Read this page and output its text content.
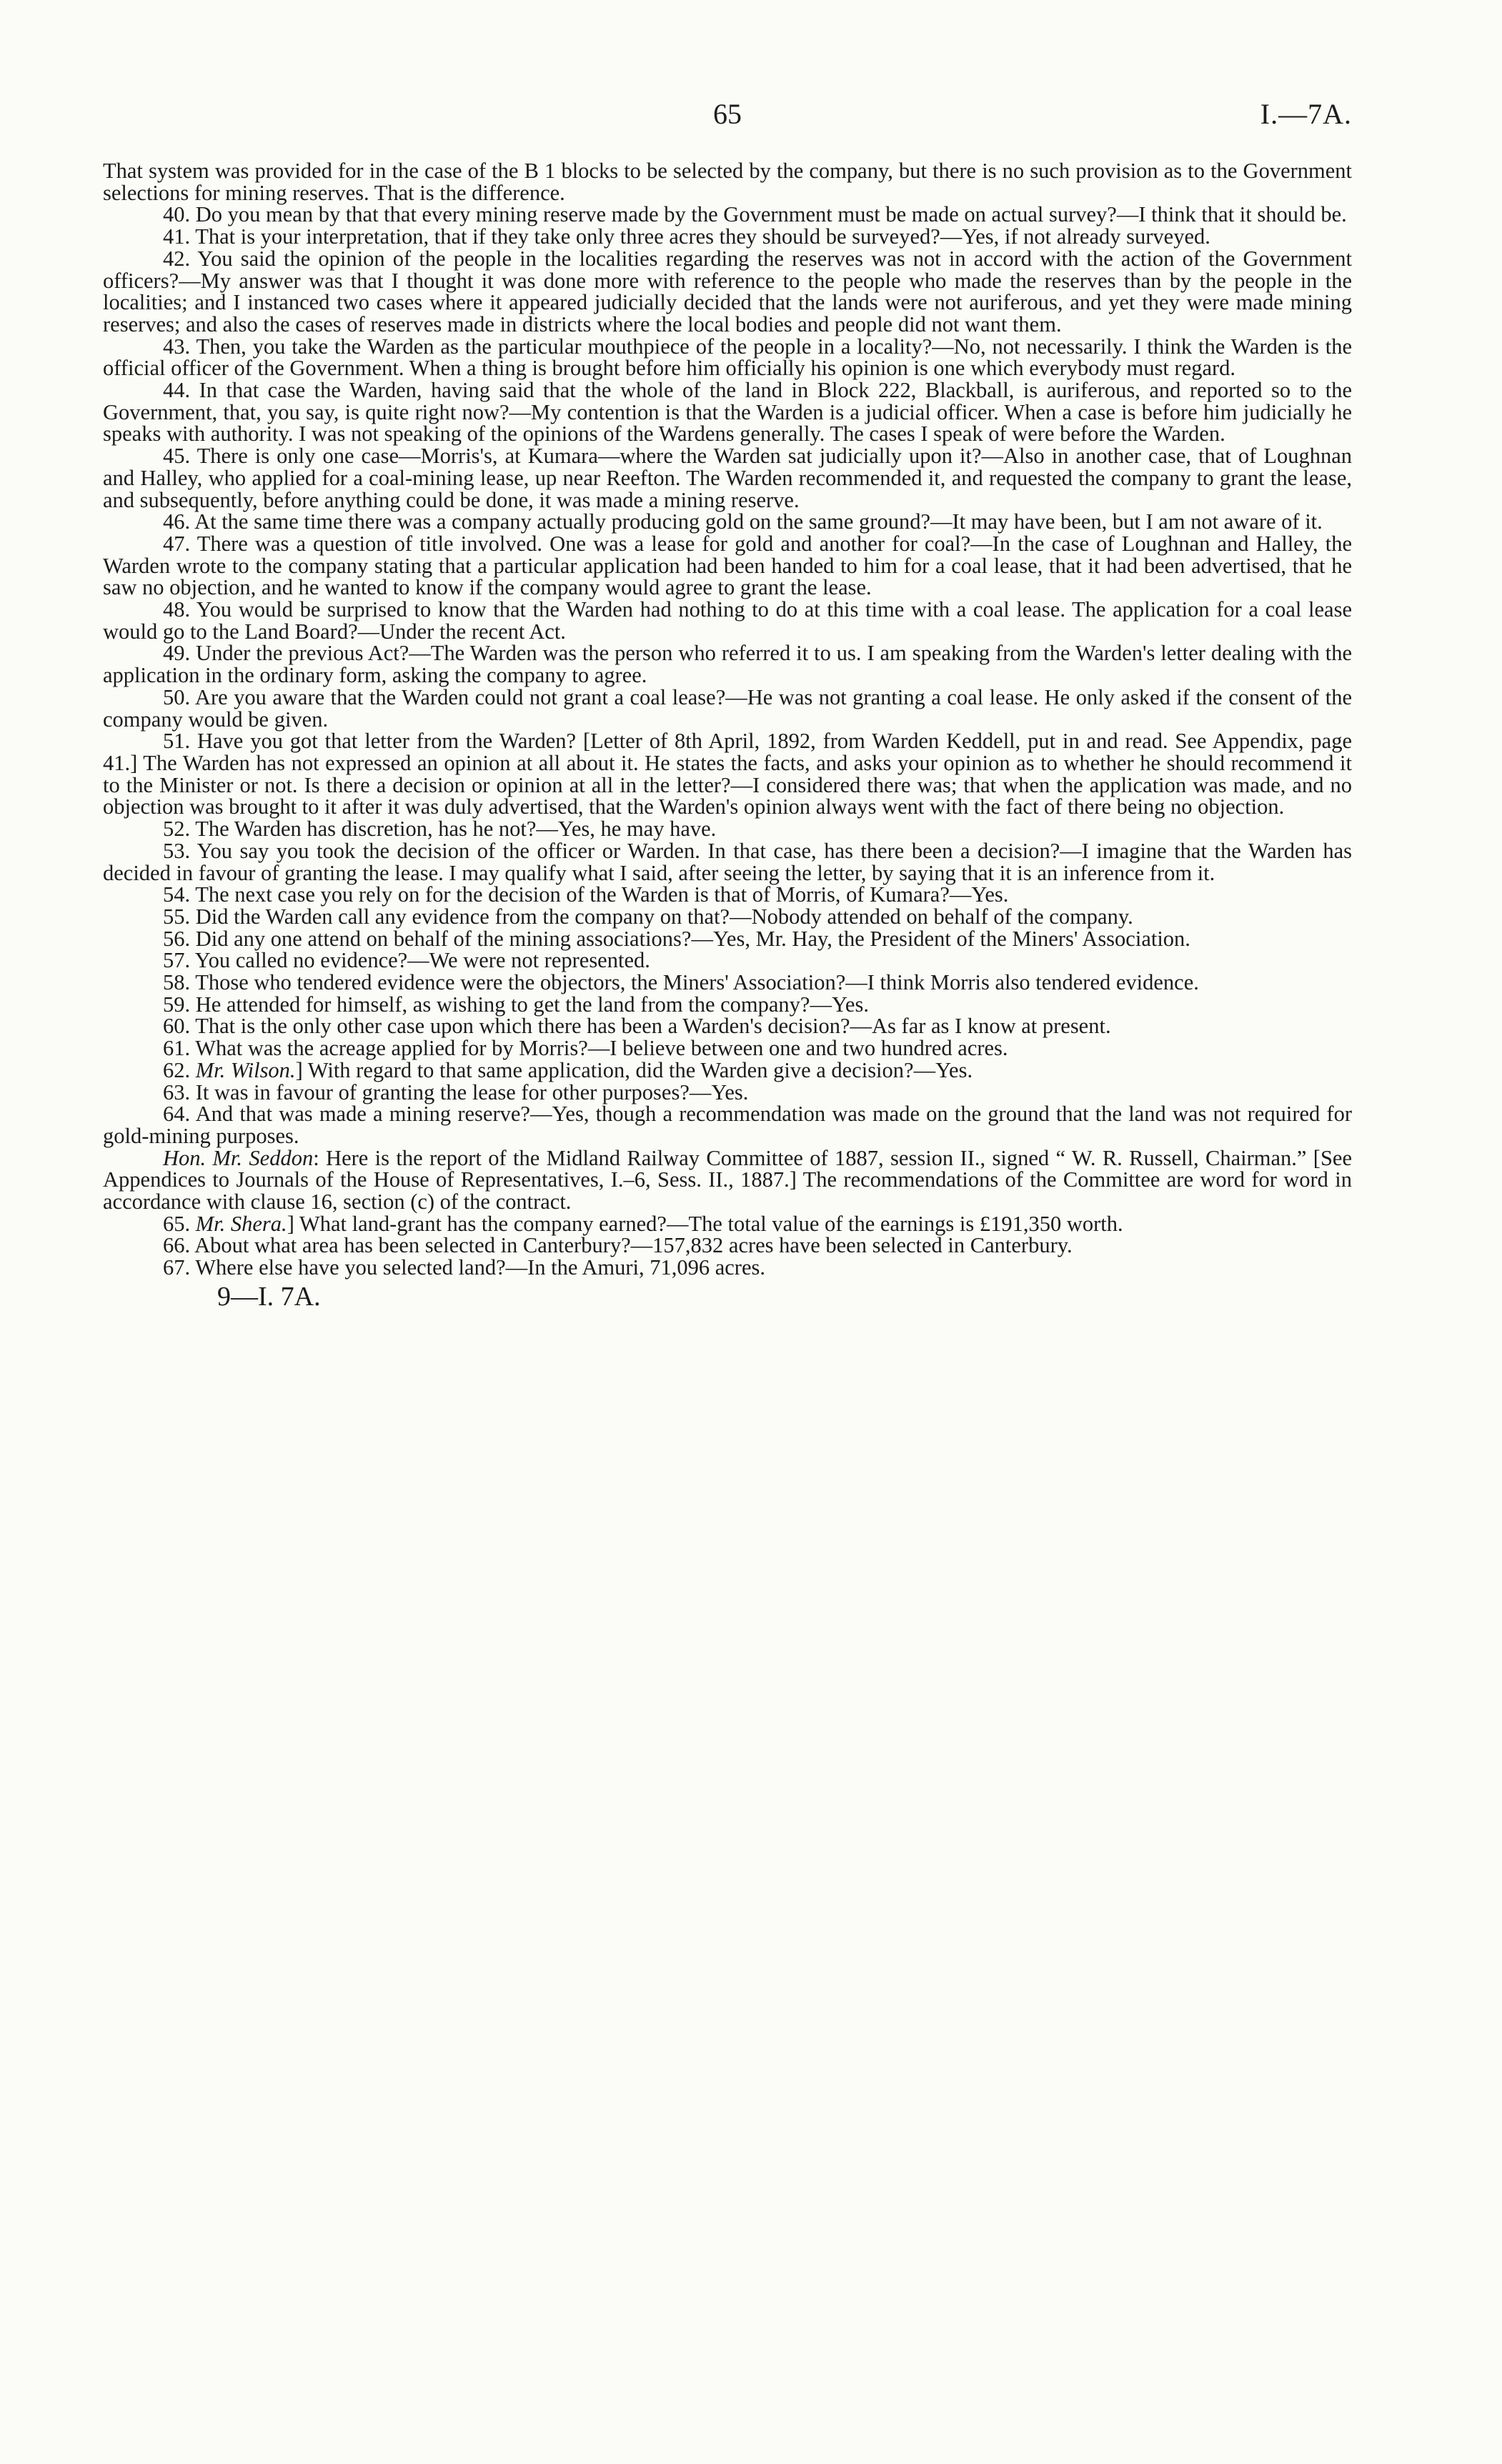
65	I.—7A.

That system was provided for in the case of the B 1 blocks to be selected by the company, but there is no such provision as to the Government selections for mining reserves. That is the difference.

40. Do you mean by that that every mining reserve made by the Government must be made on actual survey?—I think that it should be.

41. That is your interpretation, that if they take only three acres they should be surveyed?—Yes, if not already surveyed.

42. You said the opinion of the people in the localities regarding the reserves was not in accord with the action of the Government officers?—My answer was that I thought it was done more with reference to the people who made the reserves than by the people in the localities; and I instanced two cases where it appeared judicially decided that the lands were not auriferous, and yet they were made mining reserves; and also the cases of reserves made in districts where the local bodies and people did not want them.

43. Then, you take the Warden as the particular mouthpiece of the people in a locality?—No, not necessarily. I think the Warden is the official officer of the Government. When a thing is brought before him officially his opinion is one which everybody must regard.

44. In that case the Warden, having said that the whole of the land in Block 222, Blackball, is auriferous, and reported so to the Government, that, you say, is quite right now?—My contention is that the Warden is a judicial officer. When a case is before him judicially he speaks with authority. I was not speaking of the opinions of the Wardens generally. The cases I speak of were before the Warden.

45. There is only one case—Morris's, at Kumara—where the Warden sat judicially upon it?—Also in another case, that of Loughnan and Halley, who applied for a coal-mining lease, up near Reefton. The Warden recommended it, and requested the company to grant the lease, and subsequently, before anything could be done, it was made a mining reserve.

46. At the same time there was a company actually producing gold on the same ground?—It may have been, but I am not aware of it.

47. There was a question of title involved. One was a lease for gold and another for coal?—In the case of Loughnan and Halley, the Warden wrote to the company stating that a particular application had been handed to him for a coal lease, that it had been advertised, that he saw no objection, and he wanted to know if the company would agree to grant the lease.

48. You would be surprised to know that the Warden had nothing to do at this time with a coal lease. The application for a coal lease would go to the Land Board?—Under the recent Act.

49. Under the previous Act?—The Warden was the person who referred it to us. I am speaking from the Warden's letter dealing with the application in the ordinary form, asking the company to agree.

50. Are you aware that the Warden could not grant a coal lease?—He was not granting a coal lease. He only asked if the consent of the company would be given.

51. Have you got that letter from the Warden? [Letter of 8th April, 1892, from Warden Keddell, put in and read. See Appendix, page 41.] The Warden has not expressed an opinion at all about it. He states the facts, and asks your opinion as to whether he should recommend it to the Minister or not. Is there a decision or opinion at all in the letter?—I considered there was; that when the application was made, and no objection was brought to it after it was duly advertised, that the Warden's opinion always went with the fact of there being no objection.

52. The Warden has discretion, has he not?—Yes, he may have.

53. You say you took the decision of the officer or Warden. In that case, has there been a decision?—I imagine that the Warden has decided in favour of granting the lease. I may qualify what I said, after seeing the letter, by saying that it is an inference from it.

54. The next case you rely on for the decision of the Warden is that of Morris, of Kumara?—Yes.

55. Did the Warden call any evidence from the company on that?—Nobody attended on behalf of the company.

56. Did any one attend on behalf of the mining associations?—Yes, Mr. Hay, the President of the Miners' Association.

57. You called no evidence?—We were not represented.

58. Those who tendered evidence were the objectors, the Miners' Association?—I think Morris also tendered evidence.

59. He attended for himself, as wishing to get the land from the company?—Yes.

60. That is the only other case upon which there has been a Warden's decision?—As far as I know at present.

61. What was the acreage applied for by Morris?—I believe between one and two hundred acres.

62. Mr. Wilson.] With regard to that same application, did the Warden give a decision?—Yes.

63. It was in favour of granting the lease for other purposes?—Yes.

64. And that was made a mining reserve?—Yes, though a recommendation was made on the ground that the land was not required for gold-mining purposes.

Hon. Mr. Seddon: Here is the report of the Midland Railway Committee of 1887, session II., signed “ W. R. Russell, Chairman.” [See Appendices to Journals of the House of Representatives, I.–6, Sess. II., 1887.] The recommendations of the Committee are word for word in accordance with clause 16, section (c) of the contract.

65. Mr. Shera.] What land-grant has the company earned?—The total value of the earnings is £191,350 worth.

66. About what area has been selected in Canterbury?—157,832 acres have been selected in Canterbury.

67. Where else have you selected land?—In the Amuri, 71,096 acres.

9—I. 7A.
